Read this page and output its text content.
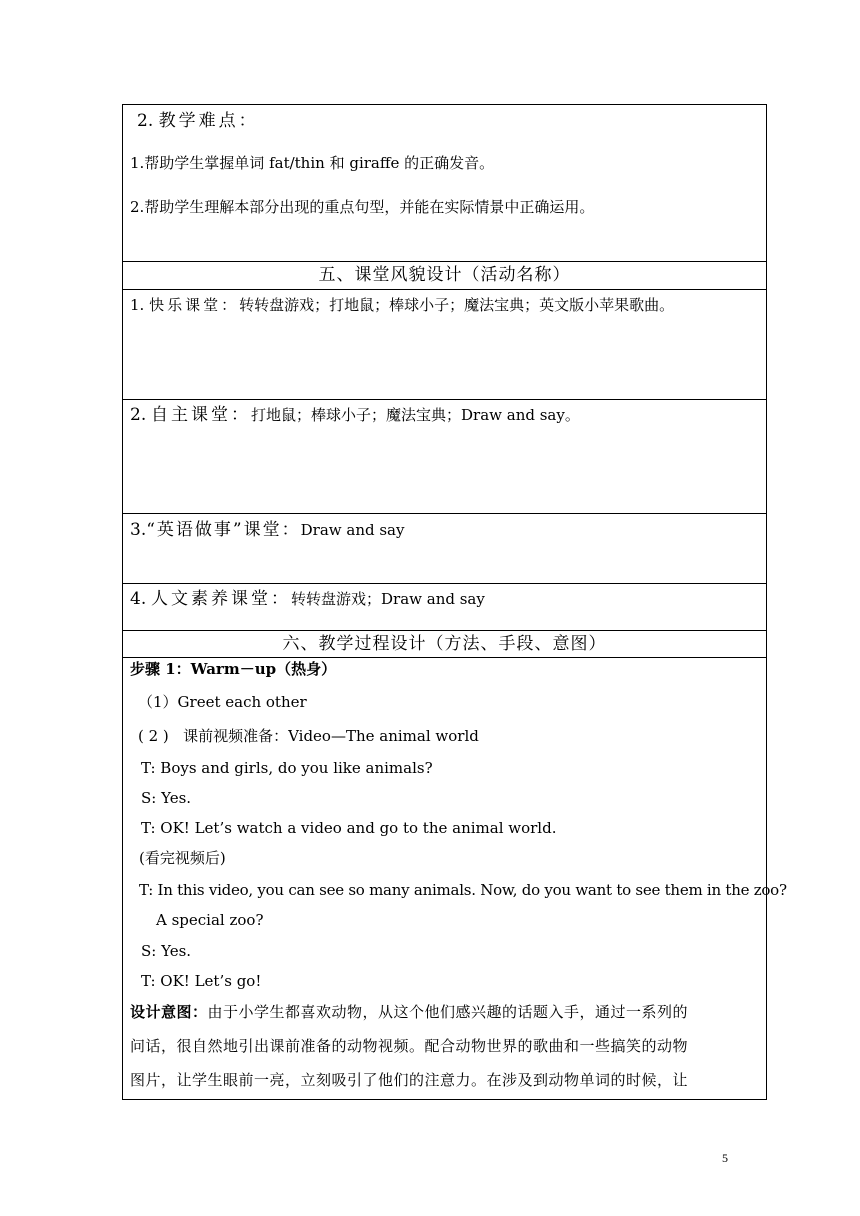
2. 教学难点：
1.帮助学生掌握单词 fat/thin 和 giraffe 的正确发音。
2.帮助学生理解本部分出现的重点句型，并能在实际情景中正确运用。
五、课堂风貌设计（活动名称）
1. 快乐课堂：转转盘游戏；打地鼠；棒球小子；魔法宝典；英文版小苹果歌曲。
2. 自主课堂：打地鼠；棒球小子；魔法宝典；Draw and say。
3.“英语做事”课堂：Draw and say
4. 人文素养课堂：转转盘游戏；Draw and say
六、教学过程设计（方法、手段、意图）
步骤 1：Warm－up（热身）
（1）Greet each other
( 2 )   课前视频准备：Video—The animal world
T: Boys and girls, do you like animals?
S: Yes.
T: OK! Let’s watch a video and go to the animal world.
(看完视频后)
T: In this video, you can see so many animals. Now, do you want to see them in the zoo?
A special zoo?
S: Yes.
T: OK! Let’s go!
设计意图：由于小学生都喜欢动物，从这个他们感兴趣的话题入手，通过一系列的
问话，很自然地引出课前准备的动物视频。配合动物世界的歌曲和一些搞笑的动物
图片，让学生眼前一亮，立刻吸引了他们的注意力。在涉及到动物单词的时候，让
5
